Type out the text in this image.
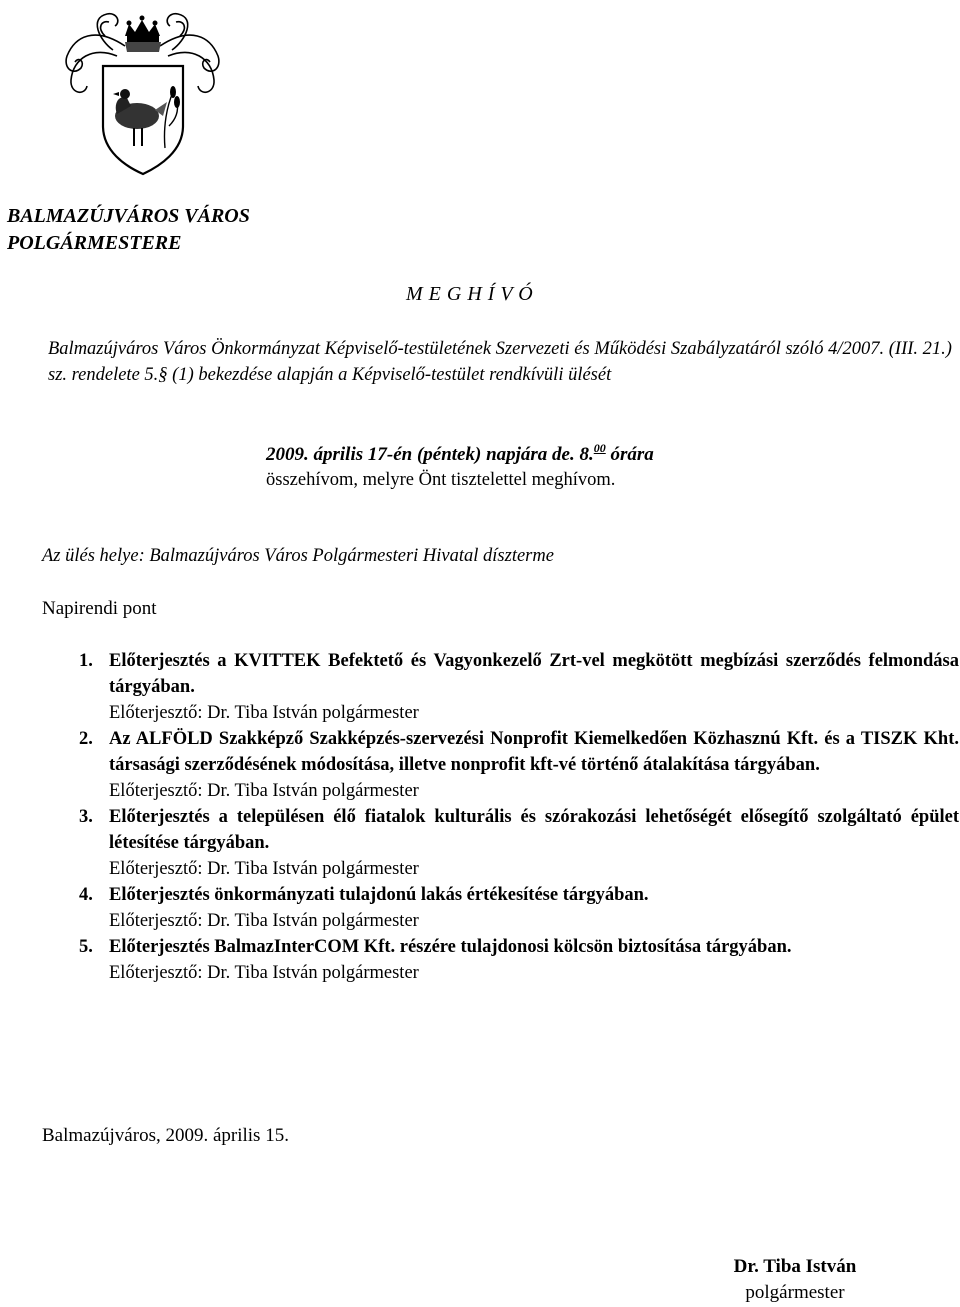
BALMAZÚJVÁROS VÁROS
POLGÁRMESTERE
M E G H Í V Ó
Balmazújváros Város Önkormányzat Képviselő-testületének Szervezeti és Működési Szabályzatáról szóló 4/2007. (III. 21.) sz. rendelete 5.§ (1) bekezdése alapján a Képviselő-testület rendkívüli ülését
2009. április 17-én (péntek) napjára de. 8.00 órára
összehívom, melyre Önt tisztelettel meghívom.
Az ülés helye: Balmazújváros Város Polgármesteri Hivatal díszterme
Napirendi pont
1. Előterjesztés a KVITTEK Befektető és Vagyonkezelő Zrt-vel megkötött megbízási szerződés felmondása tárgyában.
Előterjesztő: Dr. Tiba István polgármester
2. Az ALFÖLD Szakképző Szakképzés-szervezési Nonprofit Kiemelkedően Közhasznú Kft. és a TISZK Kht. társasági szerződésének módosítása, illetve nonprofit kft-vé történő átalakítása tárgyában.
Előterjesztő: Dr. Tiba István polgármester
3. Előterjesztés a településen élő fiatalok kulturális és szórakozási lehetőségét elősegítő szolgáltató épület létesítése tárgyában.
Előterjesztő: Dr. Tiba István polgármester
4. Előterjesztés önkormányzati tulajdonú lakás értékesítése tárgyában.
Előterjesztő: Dr. Tiba István polgármester
5. Előterjesztés BalmazInterCOM Kft. részére tulajdonosi kölcsön biztosítása tárgyában.
Előterjesztő: Dr. Tiba István polgármester
Balmazújváros, 2009. április 15.
Dr. Tiba István
polgármester
